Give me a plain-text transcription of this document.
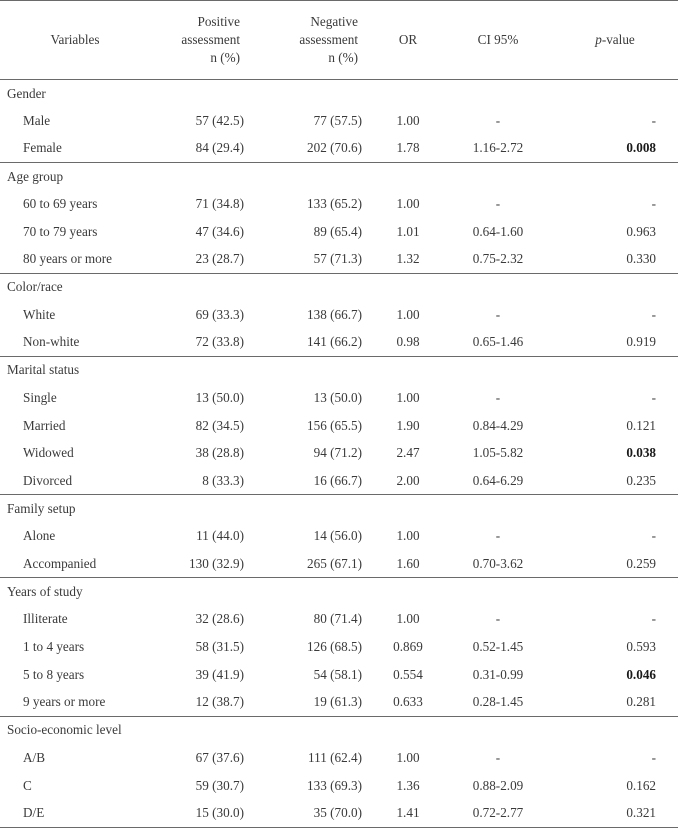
Variables	Positive
assessment
n (%)	Negative
assessment
n (%)	OR	CI 95%	p-value
Gender					
Male	57 (42.5)	77 (57.5)	1.00	-	-
Female	84 (29.4)	202 (70.6)	1.78	1.16-2.72	0.008
Age group					
60 to 69 years	71 (34.8)	133 (65.2)	1.00	-	-
70 to 79 years	47 (34.6)	89 (65.4)	1.01	0.64-1.60	0.963
80 years or more	23 (28.7)	57 (71.3)	1.32	0.75-2.32	0.330
Color/race					
White	69 (33.3)	138 (66.7)	1.00	-	-
Non-white	72 (33.8)	141 (66.2)	0.98	0.65-1.46	0.919
Marital status					
Single	13 (50.0)	13 (50.0)	1.00	-	-
Married	82 (34.5)	156 (65.5)	1.90	0.84-4.29	0.121
Widowed	38 (28.8)	94 (71.2)	2.47	1.05-5.82	0.038
Divorced	8 (33.3)	16 (66.7)	2.00	0.64-6.29	0.235
Family setup					
Alone	11 (44.0)	14 (56.0)	1.00	-	-
Accompanied	130 (32.9)	265 (67.1)	1.60	0.70-3.62	0.259
Years of study					
Illiterate	32 (28.6)	80 (71.4)	1.00	-	-
1 to 4 years	58 (31.5)	126 (68.5)	0.869	0.52-1.45	0.593
5 to 8 years	39 (41.9)	54 (58.1)	0.554	0.31-0.99	0.046
9 years or more	12 (38.7)	19 (61.3)	0.633	0.28-1.45	0.281
Socio-economic level					
A/B	67 (37.6)	111 (62.4)	1.00	-	-
C	59 (30.7)	133 (69.3)	1.36	0.88-2.09	0.162
D/E	15 (30.0)	35 (70.0)	1.41	0.72-2.77	0.321
